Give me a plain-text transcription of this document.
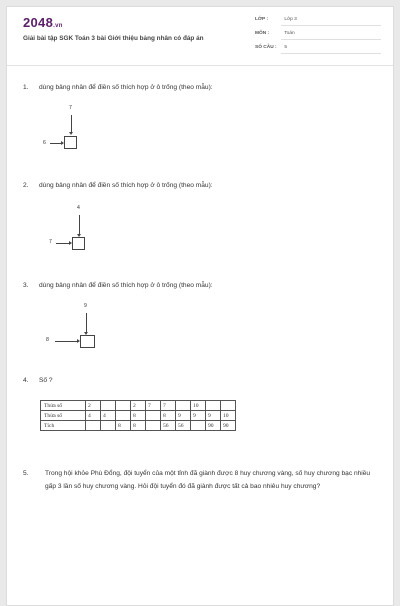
2048.vn
Giải bài tập SGK Toán 3 bài Giới thiệu bảng nhân có đáp án
LỚP :	Lớp 3
MÔN :	Toán
SỐ CÂU : 5
1. dùng bảng nhân để điền số thích hợp ở ô trống (theo mẫu):
7
6
2. dùng bảng nhân để điền số thích hợp ở ô trống (theo mẫu):
4
7
3. dùng bảng nhân để điền số thích hợp ở ô trống (theo mẫu):
9
8
4. Số ?
Thừa số	2			2	7	7		10		
Thừa số	4	4		8		8	9	9	9	10
Tích			8	8		56	56		90	90
5.	Trong hội khỏe Phù Đổng, đội tuyển của một tỉnh đã giành được 8 huy chương vàng, số huy chương bạc nhiều gấp 3 lần số huy chương vàng. Hỏi đội tuyển đó đã giành được tất cả bao nhiêu huy chương?
